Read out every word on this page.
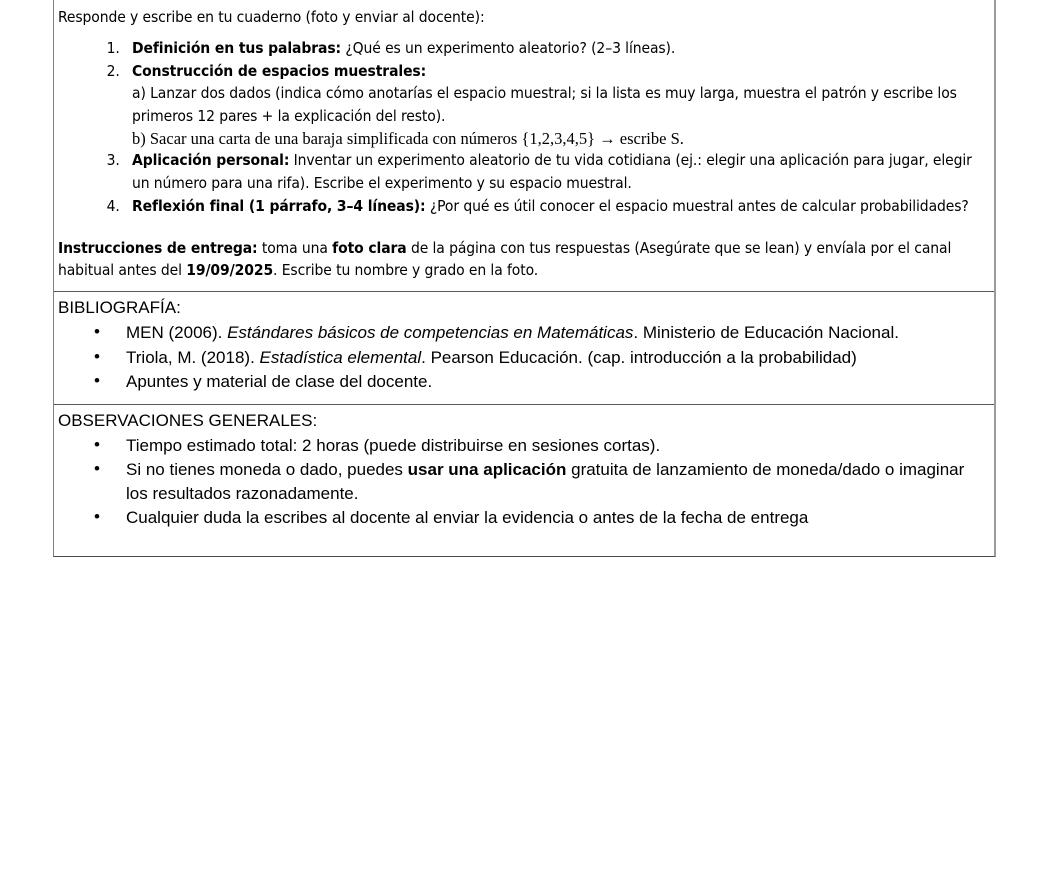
Responde y escribe en tu cuaderno (foto y enviar al docente):

1. Definición en tus palabras: ¿Qué es un experimento aleatorio? (2–3 líneas).
2. Construcción de espacios muestrales:
a) Lanzar dos dados (indica cómo anotarías el espacio muestral; si la lista es muy larga, muestra el patrón y escribe los primeros 12 pares + la explicación del resto).
b) Sacar una carta de una baraja simplificada con números {1,2,3,4,5} → escribe S.
3. Aplicación personal: Inventar un experimento aleatorio de tu vida cotidiana (ej.: elegir una aplicación para jugar, elegir un número para una rifa). Escribe el experimento y su espacio muestral.
4. Reflexión final (1 párrafo, 3–4 líneas): ¿Por qué es útil conocer el espacio muestral antes de calcular probabilidades?

Instrucciones de entrega: toma una foto clara de la página con tus respuestas (Asegúrate que se lean) y envíala por el canal habitual antes del 19/09/2025. Escribe tu nombre y grado en la foto.

BIBLIOGRAFÍA:

• MEN (2006). Estándares básicos de competencias en Matemáticas. Ministerio de Educación Nacional.
• Triola, M. (2018). Estadística elemental. Pearson Educación. (cap. introducción a la probabilidad)
• Apuntes y material de clase del docente.

OBSERVACIONES GENERALES:

• Tiempo estimado total: 2 horas (puede distribuirse en sesiones cortas).
• Si no tienes moneda o dado, puedes usar una aplicación gratuita de lanzamiento de moneda/dado o imaginar los resultados razonadamente.
• Cualquier duda la escribes al docente al enviar la evidencia o antes de la fecha de entrega
